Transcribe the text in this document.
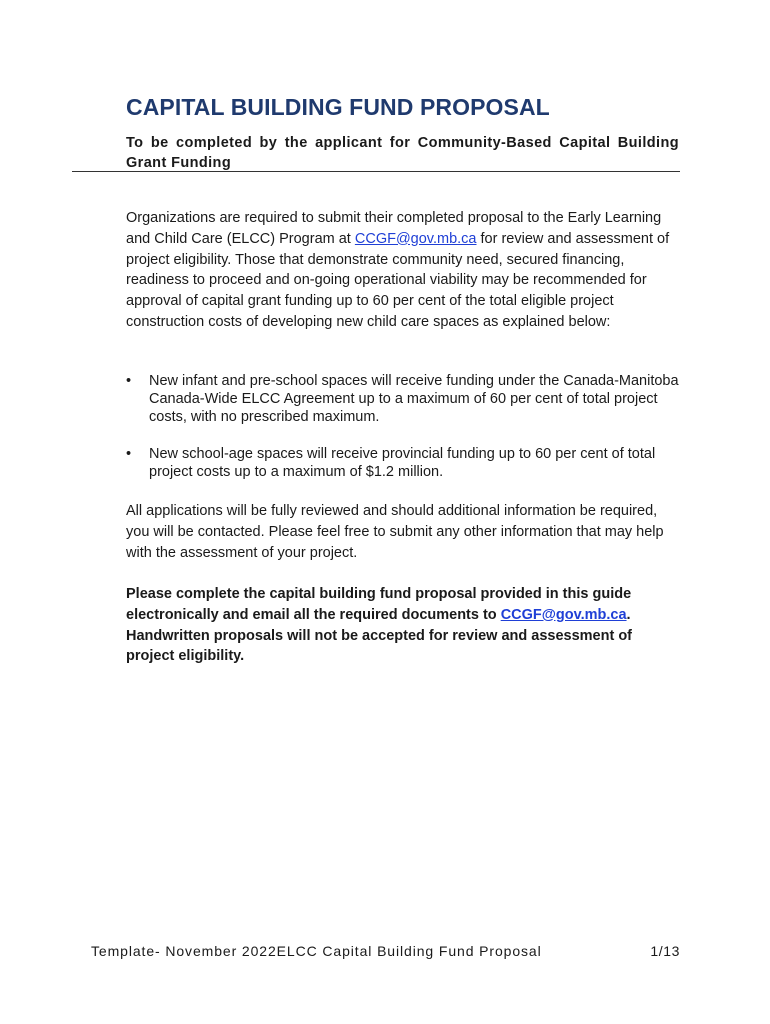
CAPITAL BUILDING FUND PROPOSAL

To be completed by the applicant for Community-Based Capital Building Grant Funding

Organizations are required to submit their completed proposal to the Early Learning and Child Care (ELCC) Program at CCGF@gov.mb.ca for review and assessment of project eligibility. Those that demonstrate community need, secured financing, readiness to proceed and on-going operational viability may be recommended for approval of capital grant funding up to 60 per cent of the total eligible project construction costs of developing new child care spaces as explained below:

• New infant and pre-school spaces will receive funding under the Canada-Manitoba Canada-Wide ELCC Agreement up to a maximum of 60 per cent of total project costs, with no prescribed maximum.
• New school-age spaces will receive provincial funding up to 60 per cent of total project costs up to a maximum of $1.2 million.

All applications will be fully reviewed and should additional information be required, you will be contacted. Please feel free to submit any other information that may help with the assessment of your project.

Please complete the capital building fund proposal provided in this guide electronically and email all the required documents to CCGF@gov.mb.ca. Handwritten proposals will not be accepted for review and assessment of project eligibility.

Template- November 2022ELCC Capital Building Fund Proposal	1/13
